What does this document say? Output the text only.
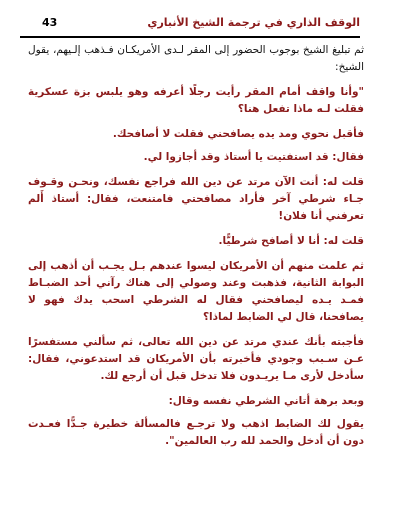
43	الوقف الذاري في ترجمة الشيخ الأنباري

ثم تبليغ الشيخ بوجوب الحضور إلى المقر لـدى الأمريكـان فـذهب إلـيهم، يقول الشيخ:

"وأنا واقف أمام المقر رأيت رجلًا أعرفه وهو يلبس بزة عسكرية فقلت لـه ماذا تفعل هنا؟

فأقبل نحوي ومد يده يصافحني فقلت لا أصافحك.

فقال: قد استفتيت يا أستاذ وقد أجازوا لي.

قلت له: أنت الآن مرتد عن دين الله فراجع نفسك، ونحـن وقـوف جـاء شرطي آخر فأراد مصافحتي فامتنعت، فقال: أستاذ أَلم تعرفني أنا فلان!

قلت له: أنا لا أصافح شرطيًّا.

ثم علمت منهم أن الأمريكان ليسوا عندهم بـل يجـب أن أذهب إلى البوابة الثانية، فذهبت وعند وصولي إلى هناك رآني أحد الضبـاط فمـد يـده ليصافحني فقال له الشرطي اسحب يدك فهو لا يصافحنا، قال لي الضابط لماذا؟

فأجبته بأنك عندي مرتد عن دين الله تعالى، ثم سألني مستفسرًا عـن سـبب وجودي فأخبرته بأن الأمريكان قد استدعوني، فقال: سأدخل لأرى مـا يريـدون فلا تدخل قبل أن أرجع لك.

وبعد برهة أتاني الشرطي نفسه وقال:

يقول لك الضابط اذهب ولا ترجـع فالمسألة خطيرة جـدًّا فعـدت دون أن أدخل والحمد لله رب العالمين".
